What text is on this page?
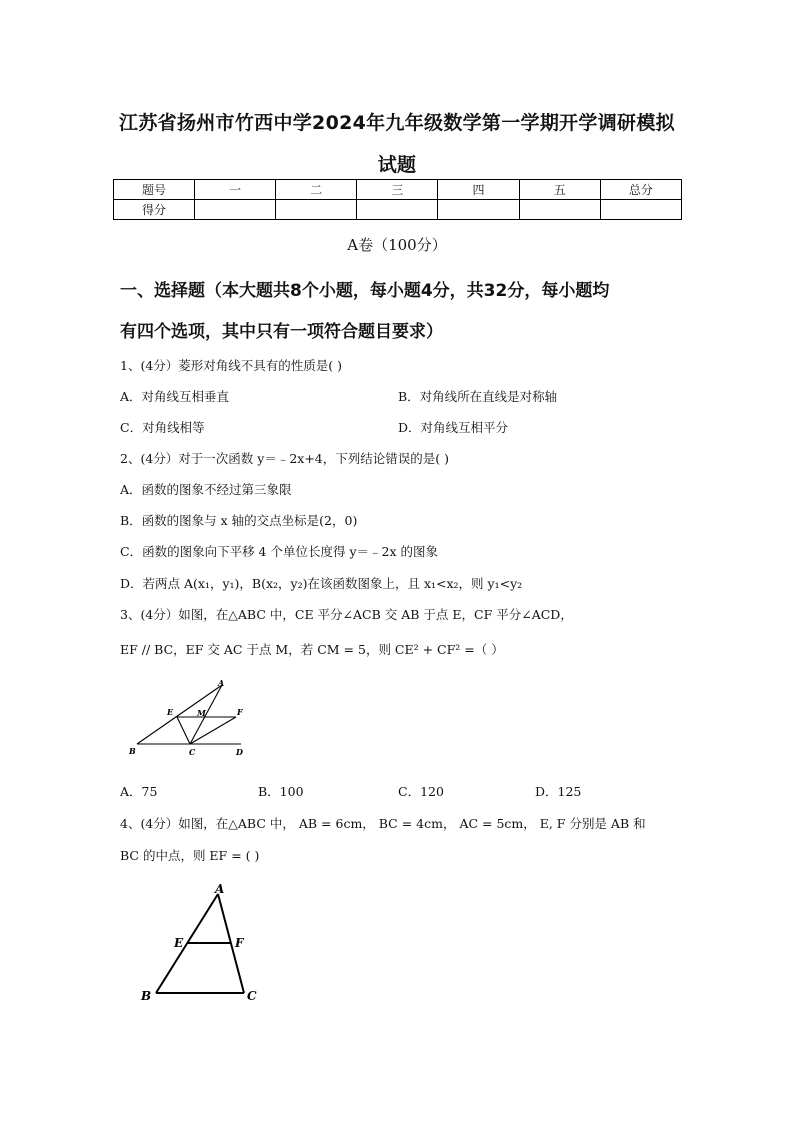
江苏省扬州市竹西中学2024年九年级数学第一学期开学调研模拟
试题
题号	一	二	三	四	五	总分
得分						
A卷（100分）
一、选择题（本大题共8个小题，每小题4分，共32分，每小题均
有四个选项，其中只有一项符合题目要求）
1、(4分）菱形对角线不具有的性质是( )
A．对角线互相垂直	B．对角线所在直线是对称轴
C．对角线相等	D．对角线互相平分
2、(4分）对于一次函数 y＝﹣2x+4，下列结论错误的是( )
A．函数的图象不经过第三象限
B．函数的图象与 x 轴的交点坐标是(2，0)
C．函数的图象向下平移 4 个单位长度得 y＝﹣2x 的图象
D．若两点 A(x₁，y₁)，B(x₂，y₂)在该函数图象上，且 x₁<x₂，则 y₁<y₂
3、(4分）如图，在△ABC 中，CE 平分∠ACB 交 AB 于点 E，CF 平分∠ACD，
EF // BC，EF 交 AC 于点 M，若 CM = 5，则 CE² + CF² =（ ）
A
B	C	D
E	M	F
A．75	B．100	C．120	D．125
4、(4分）如图，在△ABC 中， AB = 6cm， BC = 4cm， AC = 5cm， E, F 分别是 AB 和
BC 的中点，则 EF = ( )
A
B	C
E	F
